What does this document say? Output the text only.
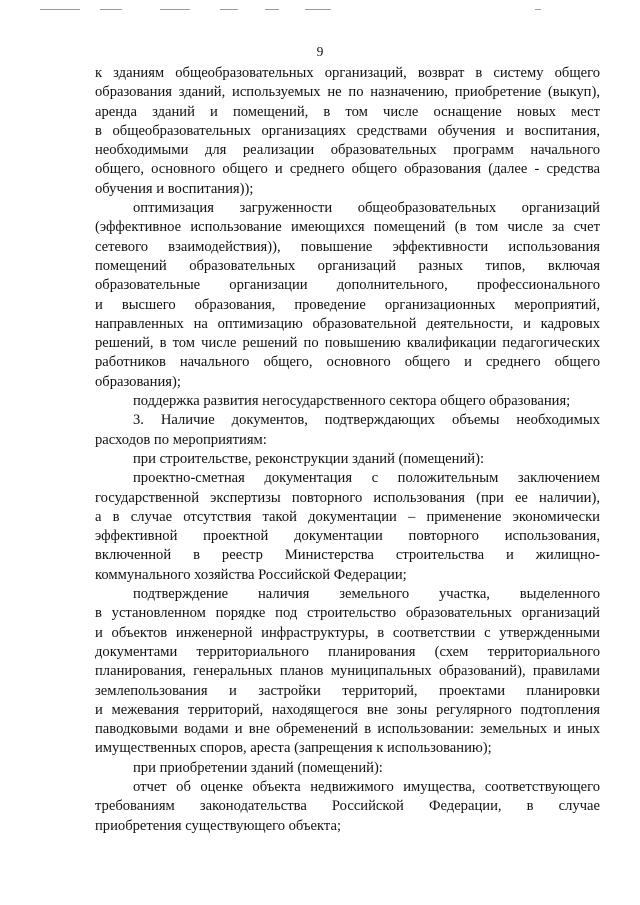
9

к зданиям общеобразовательных организаций, возврат в систему общего
образования зданий, используемых не по назначению, приобретение (выкуп),
аренда зданий и помещений, в том числе оснащение новых мест
в общеобразовательных организациях средствами обучения и воспитания,
необходимыми для реализации образовательных программ начального
общего, основного общего и среднего общего образования (далее - средства
обучения и воспитания));

оптимизация загруженности общеобразовательных организаций
(эффективное использование имеющихся помещений (в том числе за счет
сетевого взаимодействия)), повышение эффективности использования
помещений образовательных организаций разных типов, включая
образовательные организации дополнительного, профессионального
и высшего образования, проведение организационных мероприятий,
направленных на оптимизацию образовательной деятельности, и кадровых
решений, в том числе решений по повышению квалификации педагогических
работников начального общего, основного общего и среднего общего
образования);

поддержка развития негосударственного сектора общего образования;

3. Наличие документов, подтверждающих объемы необходимых
расходов по мероприятиям:

при строительстве, реконструкции зданий (помещений):

проектно-сметная документация с положительным заключением
государственной экспертизы повторного использования (при ее наличии),
а в случае отсутствия такой документации – применение экономически
эффективной проектной документации повторного использования,
включенной в реестр Министерства строительства и жилищно-
коммунального хозяйства Российской Федерации;

подтверждение наличия земельного участка, выделенного
в установленном порядке под строительство образовательных организаций
и объектов инженерной инфраструктуры, в соответствии с утвержденными
документами территориального планирования (схем территориального
планирования, генеральных планов муниципальных образований), правилами
землепользования и застройки территорий, проектами планировки
и межевания территорий, находящегося вне зоны регулярного подтопления
паводковыми водами и вне обременений в использовании: земельных и иных
имущественных споров, ареста (запрещения к использованию);

при приобретении зданий (помещений):

отчет об оценке объекта недвижимого имущества, соответствующего
требованиям законодательства Российской Федерации, в случае
приобретения существующего объекта;
